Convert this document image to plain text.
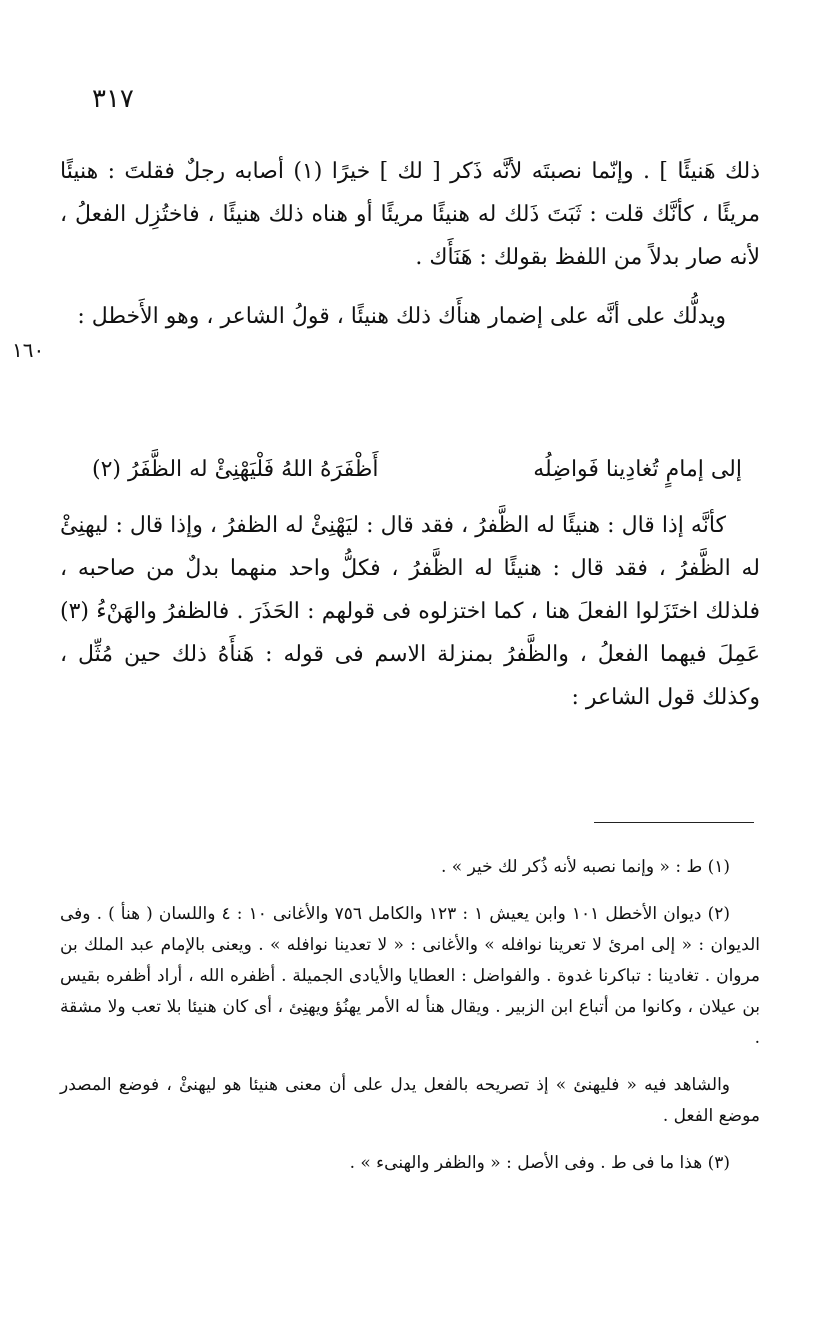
٣١٧

ذلك هَنيئًا ] . وإنّما نصبتَه لأنَّه ذَكر [ لك ] خيرًا (١) أصابه رجلٌ فقلتَ : هنيئًا مريئًا ، كأنَّك قلت : ثَبَتَ ذَلك له هنيئًا مريئًا أو هناه ذلك هنيئًا ، فاختُزِل الفعلُ ، لأنه صار بدلاً من اللفظ بقولك : هَنَأَك .

ويدلُّك على أنَّه على إضمار هنأَك ذلك هنيئًا ، قولُ الشاعر ، وهو الأَخطل :

١٦٠
إلى إمامٍ تُغادِينا فَواضِلُه
أَظْفَرَهُ اللهُ فَلْيَهْنِئْ له الظَّفَرُ (٢)

كأنَّه إذا قال : هنيئًا له الظَّفرُ ، فقد قال : ليَهْنِئْ له الظفرُ ، وإذا قال : ليهنِئْ له الظَّفرُ ، فقد قال : هنيئًا له الظَّفرُ ، فكلُّ واحد منهما بدلٌ من صاحبه ، فلذلك اختَزَلوا الفعلَ هنا ، كما اختزلوه فى قولهم : الحَذَرَ . فالظفرُ والهَنْءُ (٣) عَمِلَ فيهما الفعلُ ، والظَّفرُ بمنزلة الاسم فى قوله : هَنأَهُ ذلك حين مُثِّل ، وكذلك قول الشاعر :

(١) ط : « وإنما نصبه لأنه ذُكر لك خير » .

(٢) ديوان الأخطل ١٠١ وابن يعيش ١ : ١٢٣ والكامل ٧٥٦ والأغانى ١٠ : ٤ واللسان ( هنأ ) . وفى الديوان : « إلى امرئ لا تعرينا نوافله » والأغانى : « لا تعدينا نوافله » . ويعنى بالإمام عبد الملك بن مروان . تغادينا : تباكرنا غدوة . والفواضل : العطايا والأيادى الجميلة . أظفره الله ، أراد أظفره بقيس بن عيلان ، وكانوا من أتباع ابن الزبير . ويقال هنأ له الأمر يهنُؤ ويهنِئ ، أى كان هنيئا بلا تعب ولا مشقة .

والشاهد فيه « فليهنئ » إذ تصريحه بالفعل يدل على أن معنى هنيئا هو ليهنئْ ، فوضع المصدر موضع الفعل .

(٣) هذا ما فى ط . وفى الأصل : « والظفر والهنىء » .
